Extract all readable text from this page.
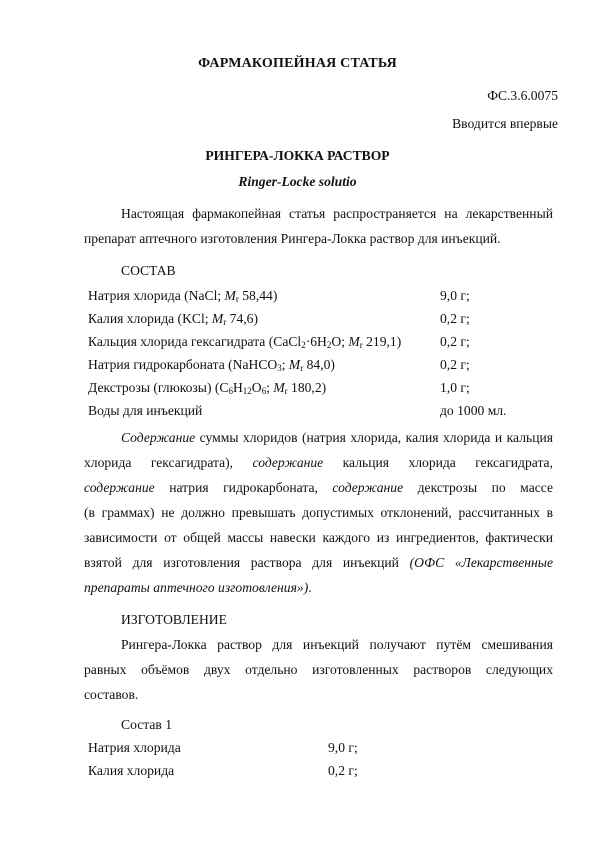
ФАРМАКОПЕЙНАЯ СТАТЬЯ
ФС.3.6.0075
Вводится впервые
РИНГЕРА-ЛОККА РАСТВОР
Ringer-Locke solutio
Настоящая фармакопейная статья распространяется на лекарственный
препарат аптечного изготовления Рингера-Локка раствор для инъекций.
СОСТАВ
Натрия хлорида (NaCl; $M_r$ 58,44)	9,0 г;
Калия хлорида (KCl; $M_r$ 74,6)	0,2 г;
Кальция хлорида гексагидрата ($CaCl_2\cdot 6H_2O$; $M_r$ 219,1)	0,2 г;
Натрия гидрокарбоната (NaHCO$_3$; $M_r$ 84,0)	0,2 г;
Декстрозы (глюкозы) ($C_6H_{12}O_6$; $M_r$ 180,2)	1,0 г;
Воды для инъекций	до 1000 мл.
Содержание суммы хлоридов (натрия хлорида, калия хлорида и кальция
хлорида гексагидрата), содержание кальция хлорида гексагидрата,
содержание натрия гидрокарбоната, содержание декстрозы по массе
(в граммах) не должно превышать допустимых отклонений, рассчитанных в
зависимости от общей массы навески каждого из ингредиентов, фактически
взятой для изготовления раствора для инъекций (ОФС «Лекарственные
препараты аптечного изготовления»).
ИЗГОТОВЛЕНИЕ
Рингера-Локка раствор для инъекций получают путём смешивания
равных объёмов двух отдельно изготовленных растворов следующих
составов.
Состав 1
Натрия хлорида	9,0 г;
Калия хлорида	0,2 г;
